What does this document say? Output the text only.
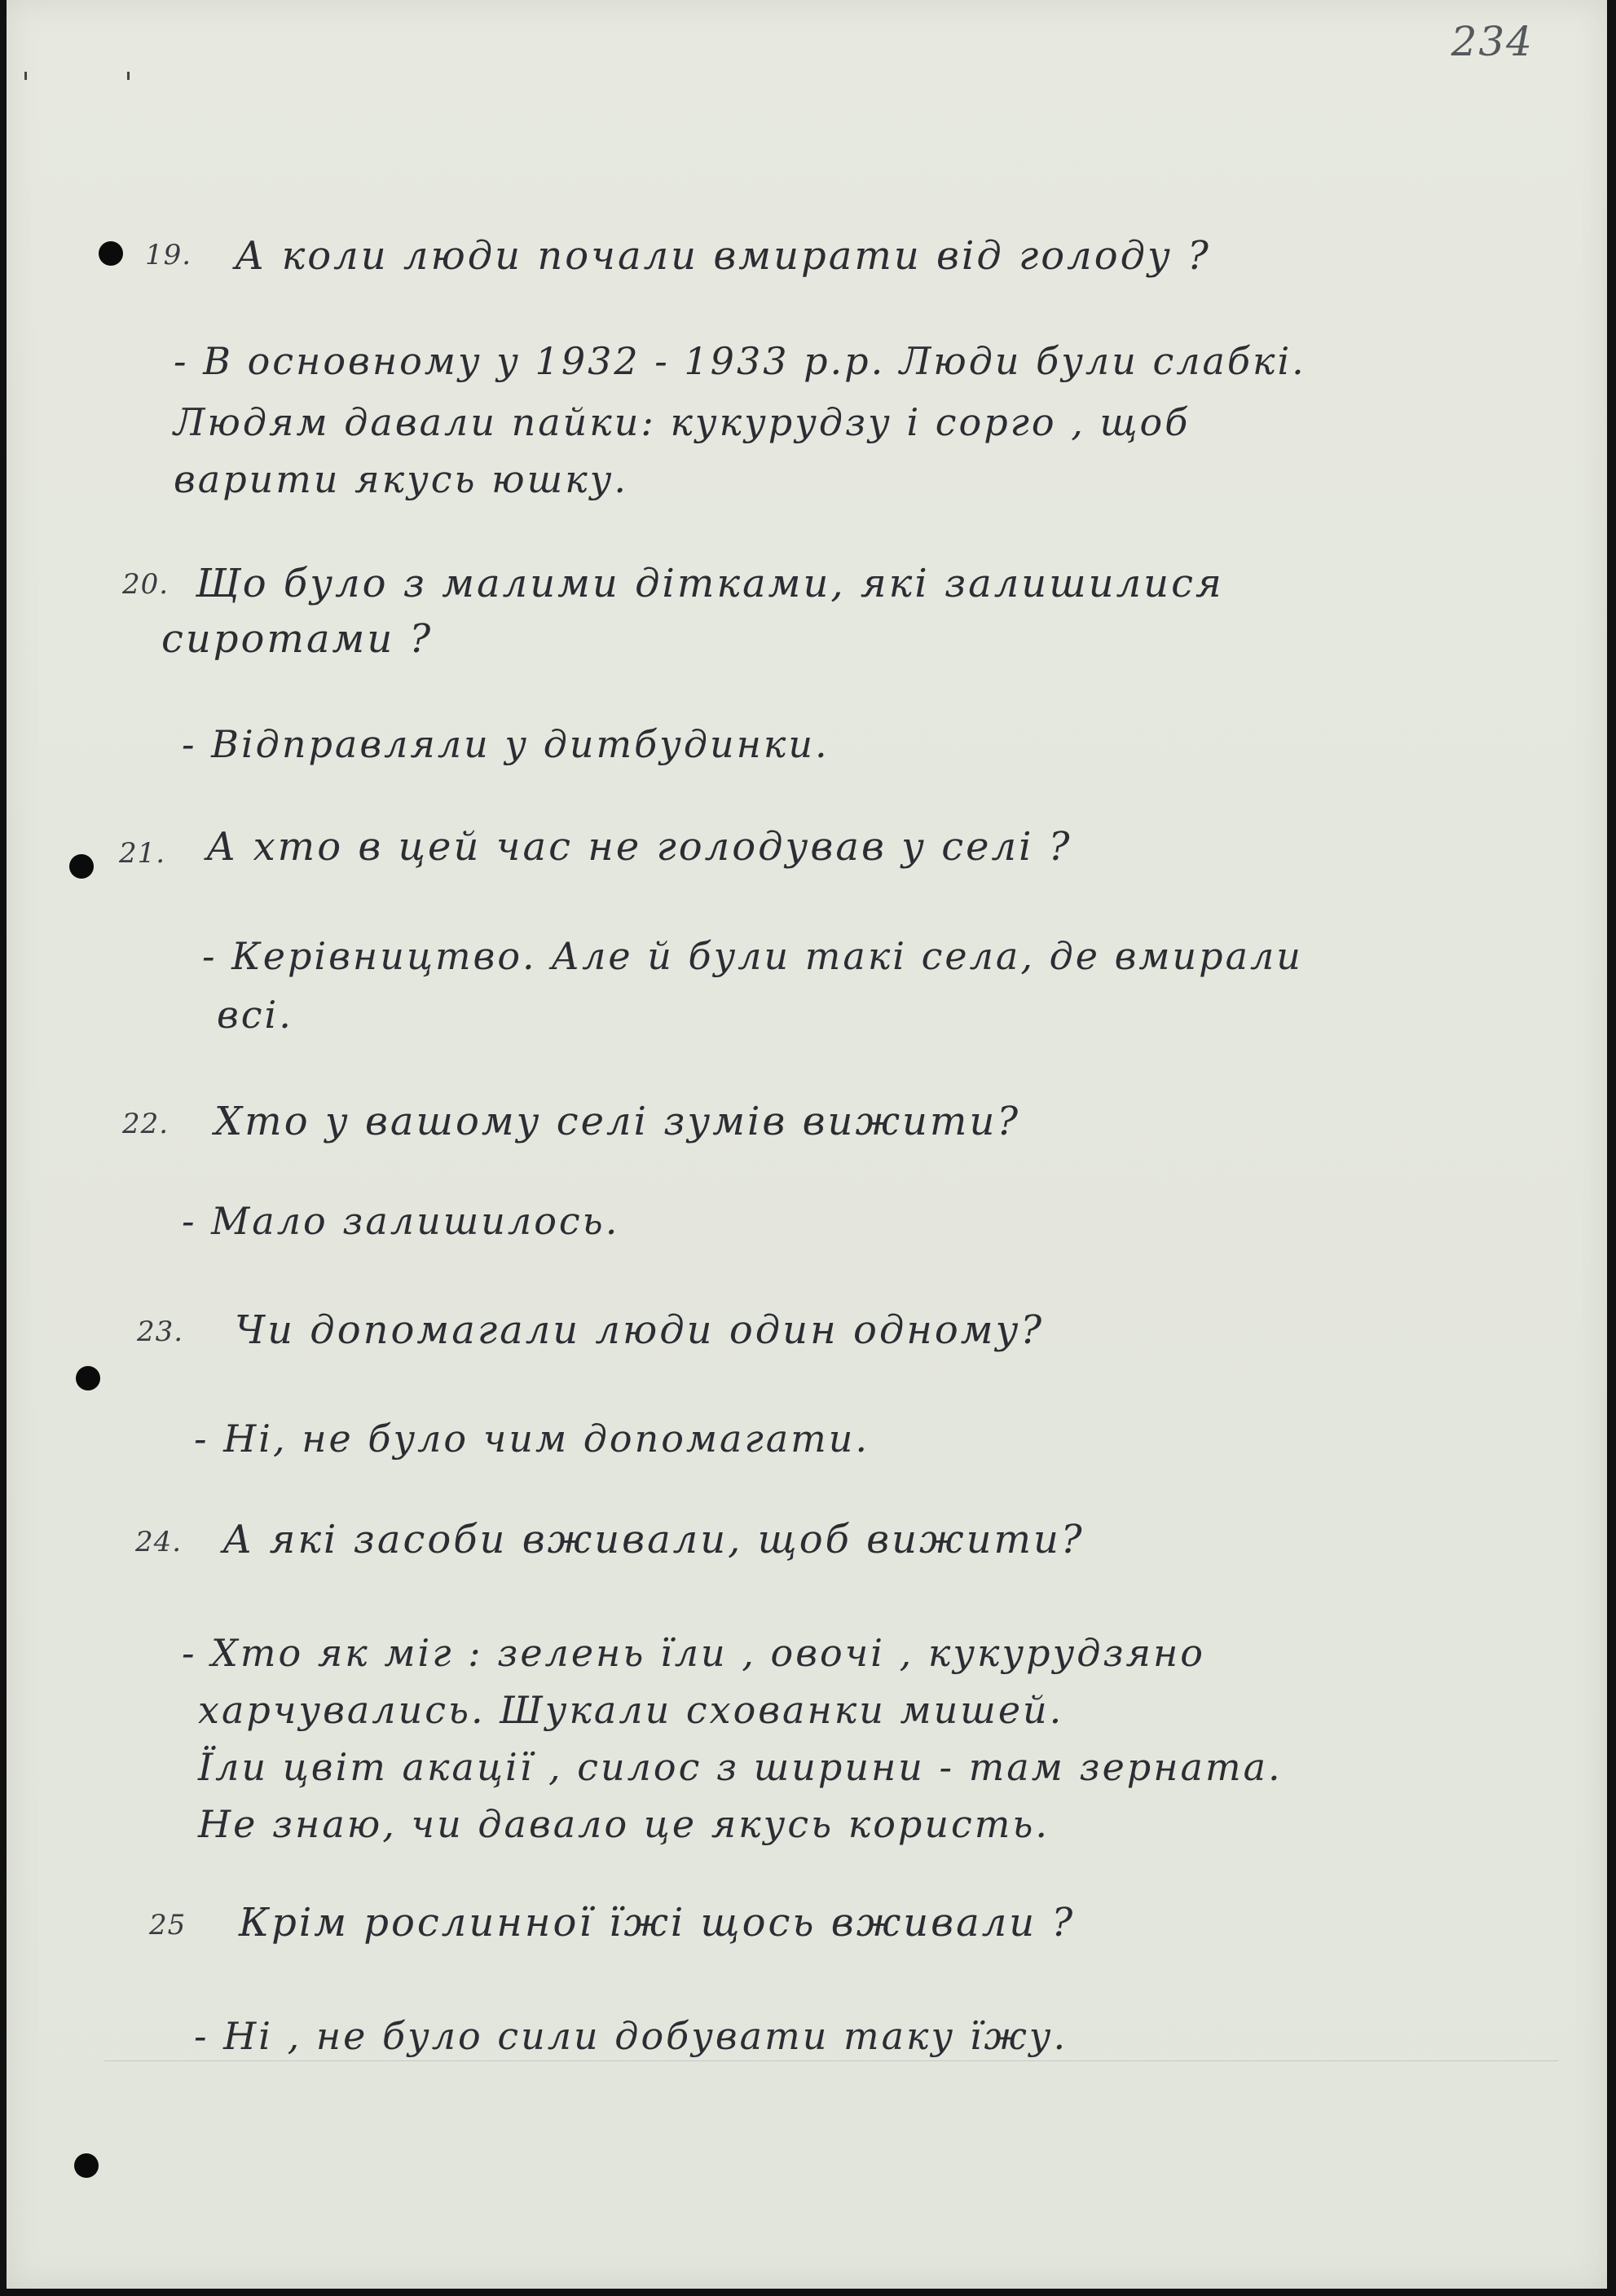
234
19. А коли люди почали вмирати від голоду ?
- В основному у 1932 - 1933 р.р. Люди були слабкі.
Людям давали пайки: кукурудзу і сорго , щоб
варити якусь юшку.
20. Що було з малими дітками, які залишилися
сиротами ?
- Відправляли у дитбудинки.
21. А хто в цей час не голодував у селі ?
- Керівництво. Але й були такі села, де вмирали
всі.
22. Хто у вашому селі зумів вижити?
- Мало залишилось.
23. Чи допомагали люди один одному?
- Ні, не було чим допомагати.
24. А які засоби вживали, щоб вижити?
- Хто як міг : зелень їли , овочі , кукурудзяно
харчувались. Шукали схованки мишей.
Їли цвіт акації , силос з ширини - там зерната.
Не знаю, чи давало це якусь користь.
25 Крім рослинної їжі щось вживали ?
- Ні , не було сили добувати таку їжу.
